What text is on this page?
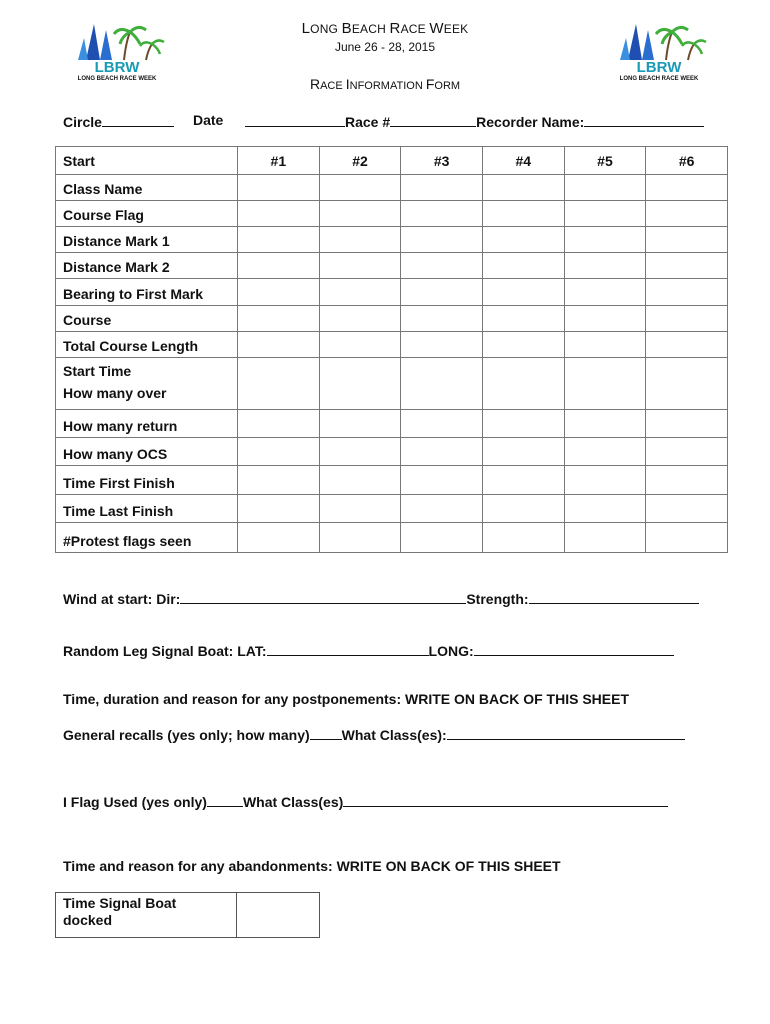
LBRW
LONG BEACH RACE WEEK
LBRW
LONG BEACH RACE WEEK
LONG BEACH RACE WEEK
June 26 - 28, 2015
RACE INFORMATION FORM
Circle	Date	Race #	Recorder Name:
Start	#1	#2	#3	#4	#5	#6
Class Name						
Course Flag						
Distance Mark 1						
Distance Mark 2						
Bearing to First Mark						
Course						
Total Course Length						
Start Time
How many over						

How many return						
How many OCS						
Time First Finish						
Time Last Finish						
#Protest flags seen						
Wind at start: Dir:	Strength:
Random Leg Signal Boat: LAT:	LONG:
Time, duration and reason for any postponements: WRITE ON BACK OF THIS SHEET
General recalls (yes only; how many) What Class(es):
I Flag Used (yes only)	What Class(es)
Time and reason for any abandonments: WRITE ON BACK OF THIS SHEET
Time Signal Boat docked	
